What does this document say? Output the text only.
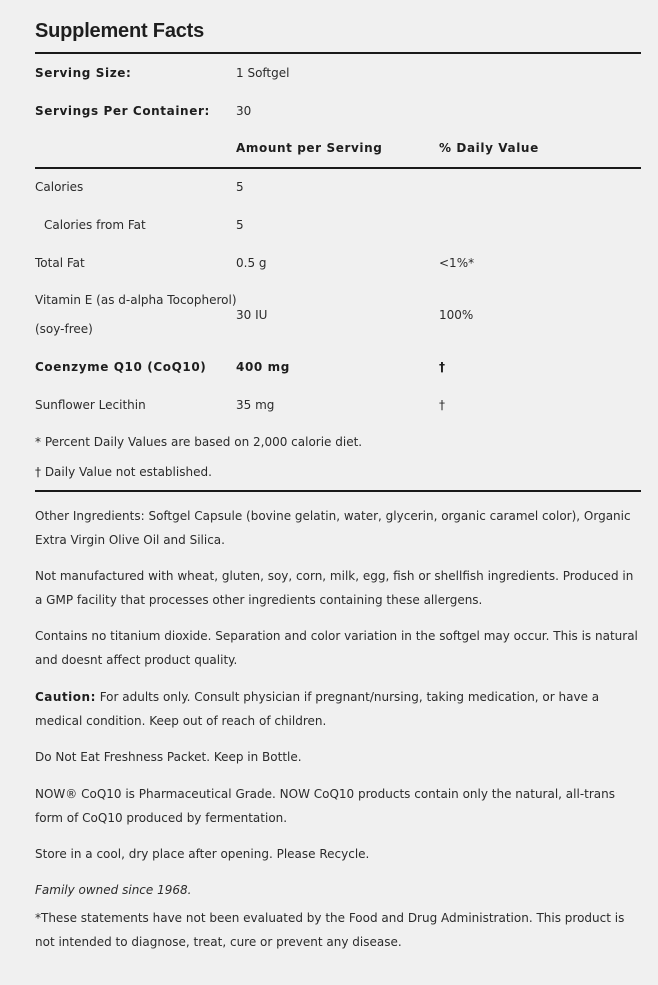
Supplement Facts
Serving Size:	1 Softgel
Servings Per Container: 30
Amount per Serving	% Daily Value
Calories	5
Calories from Fat	5
Total Fat	0.5 g	<1%*
Vitamin E (as d-alpha Tocopherol)
(soy-free)
30 IU	100%
Coenzyme Q10 (CoQ10) 400 mg	†
Sunflower Lecithin	35 mg	†
* Percent Daily Values are based on 2,000 calorie diet.
† Daily Value not established.
Other Ingredients: Softgel Capsule (bovine gelatin, water, glycerin, organic caramel color), Organic Extra Virgin Olive Oil and Silica.
Not manufactured with wheat, gluten, soy, corn, milk, egg, fish or shellfish ingredients. Produced in a GMP facility that processes other ingredients containing these allergens.
Contains no titanium dioxide. Separation and color variation in the softgel may occur. This is natural and doesnt affect product quality.
Caution: For adults only. Consult physician if pregnant/nursing, taking medication, or have a medical condition. Keep out of reach of children.
Do Not Eat Freshness Packet. Keep in Bottle.
NOW® CoQ10 is Pharmaceutical Grade. NOW CoQ10 products contain only the natural, all-trans form of CoQ10 produced by fermentation.
Store in a cool, dry place after opening. Please Recycle.
Family owned since 1968.
*These statements have not been evaluated by the Food and Drug Administration. This product is not intended to diagnose, treat, cure or prevent any disease.
